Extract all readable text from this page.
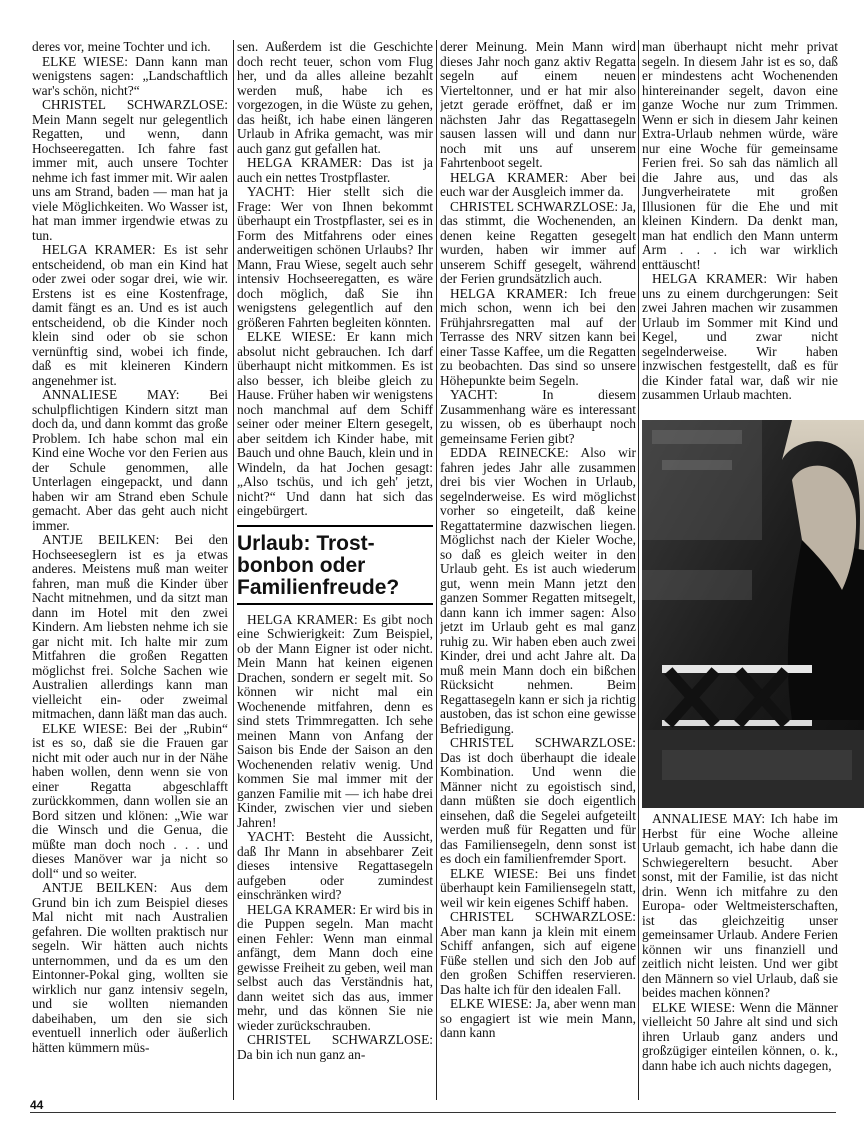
deres vor, meine Tochter und ich.

ELKE WIESE: Dann kann man wenigstens sagen: „Landschaftlich war's schön, nicht?“

CHRISTEL SCHWARZLOSE: Mein Mann segelt nur gelegentlich Regatten, und wenn, dann Hochseeregatten. Ich fahre fast immer mit, auch unsere Tochter nehme ich fast immer mit. Wir aalen uns am Strand, baden — man hat ja viele Möglichkeiten. Wo Wasser ist, hat man immer irgendwie etwas zu tun.

HELGA KRAMER: Es ist sehr entscheidend, ob man ein Kind hat oder zwei oder sogar drei, wie wir. Erstens ist es eine Kostenfrage, damit fängt es an. Und es ist auch entscheidend, ob die Kinder noch klein sind oder ob sie schon vernünftig sind, wobei ich finde, daß es mit kleineren Kindern angenehmer ist.

ANNALIESE MAY: Bei schulpflichtigen Kindern sitzt man doch da, und dann kommt das große Problem. Ich habe schon mal ein Kind eine Woche vor den Ferien aus der Schule genommen, alle Unterlagen eingepackt, und dann haben wir am Strand eben Schule gemacht. Aber das geht auch nicht immer.

ANTJE BEILKEN: Bei den Hochseeseglern ist es ja etwas anderes. Meistens muß man weiter fahren, man muß die Kinder über Nacht mitnehmen, und da sitzt man dann im Hotel mit den zwei Kindern. Am liebsten nehme ich sie gar nicht mit. Ich halte mir zum Mitfahren die großen Regatten möglichst frei. Solche Sachen wie Australien allerdings kann man vielleicht ein- oder zweimal mitmachen, dann läßt man das auch.

ELKE WIESE: Bei der „Rubin“ ist es so, daß sie die Frauen gar nicht mit oder auch nur in der Nähe haben wollen, denn wenn sie von einer Regatta abgeschlafft zurückkommen, dann wollen sie an Bord sitzen und klönen: „Wie war die Winsch und die Genua, die müßte man doch noch . . . und dieses Manöver war ja nicht so doll“ und so weiter.

ANTJE BEILKEN: Aus dem Grund bin ich zum Beispiel dieses Mal nicht mit nach Australien gefahren. Die wollten praktisch nur segeln. Wir hätten auch nichts unternommen, und da es um den Eintonner-Pokal ging, wollten sie wirklich nur ganz intensiv segeln, und sie wollten niemanden dabeihaben, um den sie sich eventuell innerlich oder äußerlich hätten kümmern müs-

sen. Außerdem ist die Geschichte doch recht teuer, schon vom Flug her, und da alles alleine bezahlt werden muß, habe ich es vorgezogen, in die Wüste zu gehen, das heißt, ich habe einen längeren Urlaub in Afrika gemacht, was mir auch ganz gut gefallen hat.

HELGA KRAMER: Das ist ja auch ein nettes Trostpflaster.

YACHT: Hier stellt sich die Frage: Wer von Ihnen bekommt überhaupt ein Trostpflaster, sei es in Form des Mitfahrens oder eines anderweitigen schönen Urlaubs? Ihr Mann, Frau Wiese, segelt auch sehr intensiv Hochseeregatten, es wäre doch möglich, daß Sie ihn wenigstens gelegentlich auf den größeren Fahrten begleiten könnten.

ELKE WIESE: Er kann mich absolut nicht gebrauchen. Ich darf überhaupt nicht mitkommen. Es ist also besser, ich bleibe gleich zu Hause. Früher haben wir wenigstens noch manchmal auf dem Schiff seiner oder meiner Eltern gesegelt, aber seitdem ich Kinder habe, mit Bauch und ohne Bauch, klein und in Windeln, da hat Jochen gesagt: „Also tschüs, und ich geh' jetzt, nicht?“ Und dann hat sich das eingebürgert.

Urlaub: Trost-bonbon oder Familienfreude?

HELGA KRAMER: Es gibt noch eine Schwierigkeit: Zum Beispiel, ob der Mann Eigner ist oder nicht. Mein Mann hat keinen eigenen Drachen, sondern er segelt mit. So können wir nicht mal ein Wochenende mitfahren, denn es sind stets Trimmregatten. Ich sehe meinen Mann von Anfang der Saison bis Ende der Saison an den Wochenenden relativ wenig. Und kommen Sie mal immer mit der ganzen Familie mit — ich habe drei Kinder, zwischen vier und sieben Jahren!

YACHT: Besteht die Aussicht, daß Ihr Mann in absehbarer Zeit dieses intensive Regattasegeln aufgeben oder zumindest einschränken wird?

HELGA KRAMER: Er wird bis in die Puppen segeln. Man macht einen Fehler: Wenn man einmal anfängt, dem Mann doch eine gewisse Freiheit zu geben, weil man selbst auch das Verständnis hat, dann weitet sich das aus, immer mehr, und das können Sie nie wieder zurückschrauben.

CHRISTEL SCHWARZLOSE: Da bin ich nun ganz an-

derer Meinung. Mein Mann wird dieses Jahr noch ganz aktiv Regatta segeln auf einem neuen Vierteltonner, und er hat mir also jetzt gerade eröffnet, daß er im nächsten Jahr das Regattasegeln sausen lassen will und dann nur noch mit uns auf unserem Fahrtenboot segelt.

HELGA KRAMER: Aber bei euch war der Ausgleich immer da.

CHRISTEL SCHWARZLOSE: Ja, das stimmt, die Wochenenden, an denen keine Regatten gesegelt wurden, haben wir immer auf unserem Schiff gesegelt, während der Ferien grundsätzlich auch.

HELGA KRAMER: Ich freue mich schon, wenn ich bei den Frühjahrsregatten mal auf der Terrasse des NRV sitzen kann bei einer Tasse Kaffee, um die Regatten zu beobachten. Das sind so unsere Höhepunkte beim Segeln.

YACHT: In diesem Zusammenhang wäre es interessant zu wissen, ob es überhaupt noch gemeinsame Ferien gibt?

EDDA REINECKE: Also wir fahren jedes Jahr alle zusammen drei bis vier Wochen in Urlaub, segelnderweise. Es wird möglichst vorher so eingeteilt, daß keine Regattatermine dazwischen liegen. Möglichst nach der Kieler Woche, so daß es gleich weiter in den Urlaub geht. Es ist auch wiederum gut, wenn mein Mann jetzt den ganzen Sommer Regatten mitsegelt, dann kann ich immer sagen: Also jetzt im Urlaub geht es mal ganz ruhig zu. Wir haben eben auch zwei Kinder, drei und acht Jahre alt. Da muß mein Mann doch ein bißchen Rücksicht nehmen. Beim Regattasegeln kann er sich ja richtig austoben, das ist schon eine gewisse Befriedigung.

CHRISTEL SCHWARZLOSE: Das ist doch überhaupt die ideale Kombination. Und wenn die Männer nicht zu egoistisch sind, dann müßten sie doch eigentlich einsehen, daß die Segelei aufgeteilt werden muß für Regatten und für das Familiensegeln, denn sonst ist es doch ein familienfremder Sport.

ELKE WIESE: Bei uns findet überhaupt kein Familiensegeln statt, weil wir kein eigenes Schiff haben.

CHRISTEL SCHWARZLOSE: Aber man kann ja klein mit einem Schiff anfangen, sich auf eigene Füße stellen und sich den Job auf den großen Schiffen reservieren. Das halte ich für den idealen Fall.

ELKE WIESE: Ja, aber wenn man so engagiert ist wie mein Mann, dann kann

man überhaupt nicht mehr privat segeln. In diesem Jahr ist es so, daß er mindestens acht Wochenenden hintereinander segelt, davon eine ganze Woche nur zum Trimmen. Wenn er sich in diesem Jahr keinen Extra-Urlaub nehmen würde, wäre nur eine Woche für gemeinsame Ferien frei. So sah das nämlich all die Jahre aus, und das als Jungverheiratete mit großen Illusionen für die Ehe und mit kleinen Kindern. Da denkt man, man hat endlich den Mann unterm Arm . . . ich war wirklich enttäuscht!

HELGA KRAMER: Wir haben uns zu einem durchgerungen: Seit zwei Jahren machen wir zusammen Urlaub im Sommer mit Kind und Kegel, und zwar nicht segelnderweise. Wir haben inzwischen festgestellt, daß es für die Kinder fatal war, daß wir nie zusammen Urlaub machten.

ANNALIESE MAY: Ich habe im Herbst für eine Woche alleine Urlaub gemacht, ich habe dann die Schwiegereltern besucht. Aber sonst, mit der Familie, ist das nicht drin. Wenn ich mitfahre zu den Europa- oder Weltmeisterschaften, ist das gleichzeitig unser gemeinsamer Urlaub. Andere Ferien können wir uns finanziell und zeitlich nicht leisten. Und wer gibt den Männern so viel Urlaub, daß sie beides machen können?

ELKE WIESE: Wenn die Männer vielleicht 50 Jahre alt sind und sich ihren Urlaub ganz anders und großzügiger einteilen können, o. k., dann habe ich auch nichts dagegen,

44
